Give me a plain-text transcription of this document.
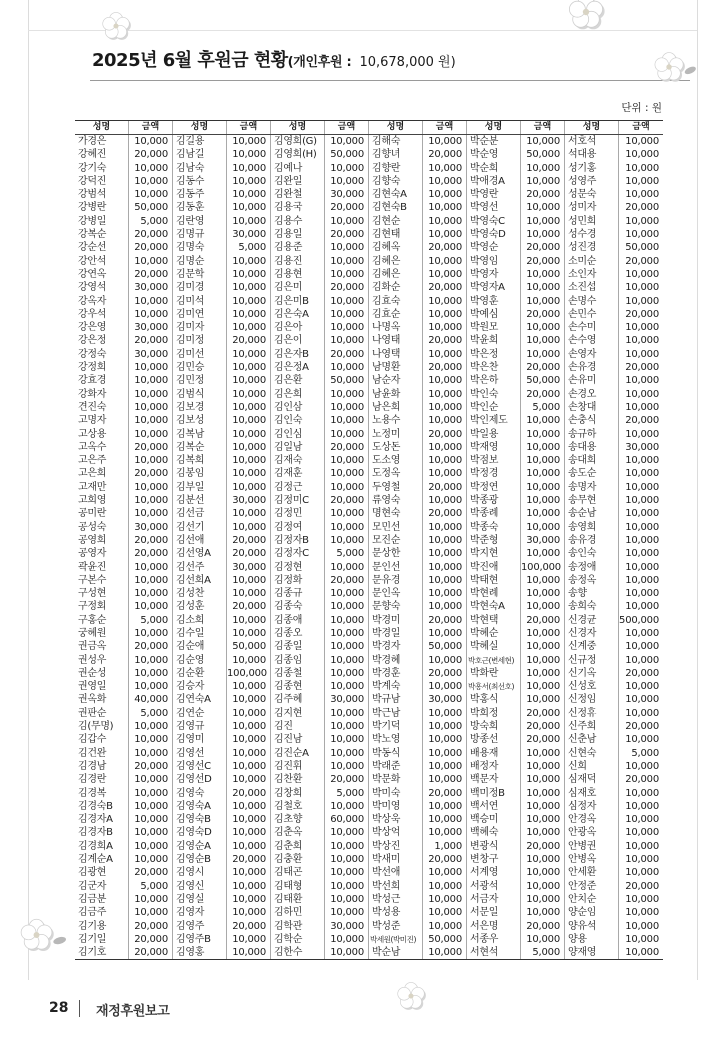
2025년 6월 후원금 현황(개인후원 : 10,678,000 원)
단위 : 원
성명	금액	성명	금액	성명	금액	성명	금액	성명	금액	성명	금액
가경은	10,000 김길용	10,000 김영희(G)	10,000 김해숙	10,000 박순분	10,000 서호석	10,000
강혜진	20,000 김남길	10,000 김영희(H)	50,000 김향녀	20,000 박순영	50,000 석대용	10,000
강기숙	10,000 김남숙	10,000 김예나	10,000 김향란	10,000 박순희	10,000 성기홍	10,000
강덕진	10,000 김동수	10,000 김완일	10,000 김향숙	10,000 박애경A	10,000 성영주	10,000
강범석	10,000 김동주	10,000 김완철	30,000 김현숙A	10,000 박영란	20,000 성문숙	10,000
강병란	50,000 김동훈	10,000 김용국	20,000 김현숙B	10,000 박영선	10,000 성미자	20,000
강병일	5,000 김란영	10,000 김용수	10,000 김현순	10,000 박영숙C	10,000 성민희	10,000
강복순	20,000 김명규	30,000 김용일	20,000 김현태	10,000 박영숙D	10,000 성수경	10,000
강순선	20,000 김명숙	5,000 김용준	10,000 김혜옥	20,000 박영순	20,000 성진경	50,000
강안석	10,000 김명순	10,000 김용진	10,000 김혜은	10,000 박영임	20,000 소미순	20,000
강연옥	20,000 김문학	10,000 김용현	10,000 김혜은	10,000 박영자	10,000 소인자	10,000
강영석	30,000 김미경	10,000 김은미	20,000 김화순	20,000 박영자A	10,000 소진섭	10,000
강옥자	10,000 김미석	10,000 김은미B	10,000 김효숙	10,000 박영훈	10,000 손명수	10,000
강우석	10,000 김미연	10,000 김은숙A	10,000 김효순	10,000 박예심	20,000 손민수	20,000
강은영	30,000 김미자	10,000 김은아	10,000 나명옥	10,000 박원모	10,000 손수미	10,000
강은정	20,000 김미정	20,000 김은이	10,000 나영태	20,000 박윤희	10,000 손수영	10,000
강정숙	30,000 김미선	10,000 김은자B	20,000 나영택	10,000 박은정	10,000 손영자	10,000
강정희	10,000 김민승	10,000 김은정A	10,000 남명환	20,000 박은찬	20,000 손유경	20,000
강효경	10,000 김민정	10,000 김은환	50,000 남순자	10,000 박은하	50,000 손유미	10,000
강화자	10,000 김범식	10,000 김은희	10,000 남윤화	10,000 박인숙	20,000 손경오	10,000
견진숙	10,000 김보경	10,000 김인삼	10,000 남은희	10,000 박인순	5,000 손창대	10,000
고명자	10,000 김보성	10,000 김인숙	10,000 노용수	10,000 박인제도	10,000 손충식	20,000
고상용	10,000 김복남	10,000 김인심	10,000 노정미	20,000 박일용	10,000 송규하	10,000
고옥수	20,000 김복순	10,000 김일남	20,000 도상돈	10,000 박재영	10,000 송대용	30,000
고은주	10,000 김복희	10,000 김재숙	10,000 도소영	10,000 박점보	10,000 송대희	10,000
고은희	20,000 김봉임	10,000 김재훈	10,000 도정옥	10,000 박정경	10,000 송도순	10,000
고재만	10,000 김부일	10,000 김정근	10,000 두영철	20,000 박정연	10,000 송명자	10,000
고희영	10,000 김분선	30,000 김정미C	20,000 류영숙	10,000 박종광	10,000 송무현	10,000
공미란	10,000 김선금	10,000 김정민	10,000 명현숙	20,000 박종례	10,000 송순남	10,000
공성숙	30,000 김선기	10,000 김정여	10,000 모민선	10,000 박종숙	10,000 송영희	10,000
공영희	20,000 김선애	20,000 김정자B	10,000 모진순	10,000 박준형	30,000 송유경	10,000
공영자	20,000 김선영A	20,000 김정자C	5,000 문상한	10,000 박지현	10,000 송인숙	10,000
곽윤진	10,000 김선주	30,000 김정현	10,000 문인선	10,000 박진애	100,000 송정애	10,000
구본수	10,000 김선희A	10,000 김정화	20,000 문유경	10,000 박태현	10,000 송정옥	10,000
구성현	10,000 김성찬	10,000 김종규	10,000 문인옥	10,000 박현례	10,000 송향	10,000
구정회	10,000 김성훈	20,000 김종숙	10,000 문향숙	10,000 박현숙A	10,000 송희숙	10,000
구홍순	5,000 김소희	10,000 김종애	10,000 박경미	20,000 박현택	20,000 신경균	500,000
궁혜원	10,000 김수일	10,000 김종오	10,000 박경일	10,000 박혜순	10,000 신경자	10,000
권금옥	20,000 김순애	50,000 김종일	10,000 박경자	50,000 박혜실	10,000 신계중	10,000
권성우	10,000 김순영	10,000 김종임	10,000 박경혜	10,000 박호근(변세현)	10,000 신규정	10,000
권순성	10,000 김순환	100,000 김종철	10,000 박경훈	20,000 박화란	10,000 신기옥	20,000
권영일	10,000 김승자	10,000 김종현	10,000 박계숙	10,000 박흥서(최선호)	10,000 신성호	10,000
권옥화	40,000 김연숙A	10,000 김주혜	30,000 박규남	30,000 박홍식	10,000 신정임	10,000
권판순	5,000 김연순	10,000 김지현	10,000 박근남	10,000 박희정	20,000 신정휴	10,000
김(무명)	10,000 김영규	10,000 김진	10,000 박기덕	10,000 방숙희	20,000 신주희	20,000
김갑수	10,000 김영미	10,000 김진남	10,000 박노영	10,000 방종선	20,000 신춘남	10,000
김건완	10,000 김영선	10,000 김진순A	10,000 박동식	10,000 배용재	10,000 신현숙	5,000
김경남	20,000 김영선C	10,000 김진휘	10,000 박래준	10,000 배정자	10,000 신희	10,000
김경란	10,000 김영선D	10,000 김찬환	20,000 박문화	10,000 백문자	10,000 심재덕	20,000
김경복	10,000 김영숙	20,000 김창희	5,000 박미숙	20,000 백미정B	10,000 심재호	10,000
김경숙B	10,000 김영숙A	10,000 김철호	10,000 박미영	10,000 백서연	10,000 심정자	10,000
김경자A	10,000 김영숙B	10,000 김초향	60,000 박상욱	10,000 백승미	10,000 안경옥	10,000
김경자B	10,000 김영숙D	10,000 김춘옥	10,000 박상억	10,000 백혜숙	10,000 안광옥	10,000
김경희A	10,000 김영순A	10,000 김춘희	10,000 박상진	1,000 변광식	20,000 안병권	10,000
김계순A	10,000 김영순B	20,000 김충환	10,000 박새미	20,000 변창구	10,000 안병옥	10,000
김광현	20,000 김영시	10,000 김태곤	10,000 박선애	10,000 서계영	10,000 안세환	10,000
김군자	5,000 김영신	10,000 김태형	10,000 박선희	10,000 서광석	10,000 안정준	20,000
김금분	10,000 김영실	10,000 김태환	10,000 박성근	10,000 서금자	10,000 안치순	10,000
김금주	10,000 김영자	10,000 김하민	10,000 박성용	10,000 서문일	10,000 양순임	10,000
김기용	20,000 김영주	20,000 김학관	30,000 박성준	10,000 서은명	20,000 양유석	10,000
김기일	20,000 김영주B	10,000 김학순	10,000 박세원(박미진)	50,000 서종우	10,000 양용	10,000
김기호	20,000 김영홍	10,000 김한수	10,000 박순남	10,000 서현석	5,000 양재영	10,000
28 재정후원보고
